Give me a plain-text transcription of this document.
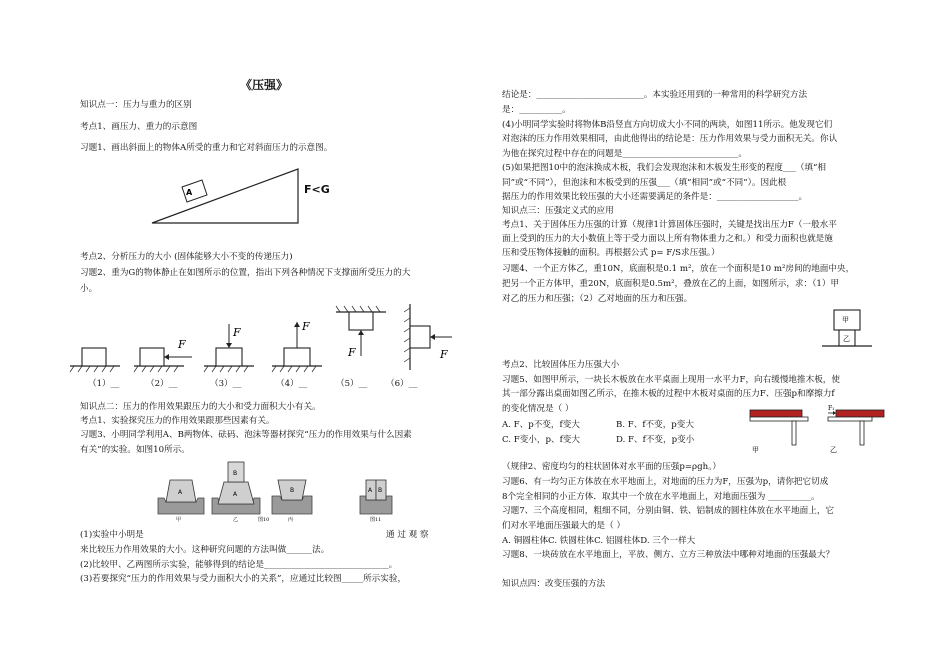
《压强》
知识点一：压力与重力的区别
考点1、画压力、重力的示意图
习题1、画出斜面上的物体A所受的重力和它对斜面压力的示意图。
A	F<G
考点2、分析压力的大小 (固体能够大小不变的传递压力)
习题2、重为G的物体静止在如图所示的位置，指出下列各种情况下支撑面所受压力的大
小。
F
F	F
F	F
（1）__	（2）__	（3）__	（4）__	（5）__ （6）__
知识点二：压力的作用效果跟压力的大小和受力面积大小有关。
考点1、实验探究压力的作用效果跟那些因素有关。
习题3、小明同学利用A、B两物体、砝码、泡沫等器材探究“压力的作用效果与什么因素
有关”的实验。如图10所示。
A
甲
B
A
乙
B
丙
图10
A B
图11
(1)实验中小明是	通 过 观 察
来比较压力作用效果的大小。这种研究问题的方法叫做______法。
(2)比较甲、乙两图所示实验，能够得到的结论是_____________________________。
(3)若要探究“压力的作用效果与受力面积大小的关系”，应通过比较图_____所示实验，
结论是：_________________________。本实验还用到的一种常用的科学研究方法
是：__________。
(4)小明同学实验时将物体B沿竖直方向切成大小不同的两块，如图11所示。他发现它们
对泡沫的压力作用效果相同，由此他得出的结论是：压力作用效果与受力面积无关。你认
为他在探究过程中存在的问题是___________________________。
(5)如果把图10中的泡沫换成木板，我们会发现泡沫和木板发生形变的程度___（填“相
同”或“不同”），但泡沫和木板受到的压强___（填“相同”或“不同”）。因此根
据压力的作用效果比较压强的大小还需要满足的条件是：___________________。
知识点三：压强定义式的应用
考点1、关于固体压力压强的计算（规律1计算固体压强时，关键是找出压力F（一般水平
面上受到的压力的大小数值上等于受力面以上所有物体重力之和。）和受力面积也就是施
压和受压物体接触的面积。再根据公式 p= F/S求压强。）
习题4、一个正方体乙，重10N，底面积是0.1 m²，放在一个面积是10 m²房间的地面中央，
把另一个正方体甲，重20N，底面积是0.5m²，叠放在乙的上面，如图所示，求：（1）甲
对乙的压力和压强；（2）乙对地面的压力和压强。
甲
乙
考点2、比较固体压力压强大小
习题5、如图甲所示，一块长木板放在水平桌面上现用一水平力F，向右缓慢地推木板，使
其一部分露出桌面如图乙所示，在推木板的过程中木板对桌面的压力F、压强p和摩擦力f
的变化情况是（ ）
A. F、p不变，f变大	B. F、f不变，p变大
C. F变小，p、f变大	D. F、f不变，p变小
甲
F₁
乙
（规律2、密度均匀的柱状固体对水平面的压强p=ρgh。）
习题6、有一均匀正方体放在水平地面上，对地面的压力为F，压强为p，请你把它切成
8个完全相同的小正方体．取其中一个放在水平地面上，对地面压强为 __________。
习题7、三个高度相同，粗细不同，分别由铜、铁、铝制成的圆柱体放在水平地面上，它
们对水平地面压强最大的是（ ）
A. 铜圆柱体C. 铁圆柱体C. 铝圆柱体D. 三个一样大
习题8、一块砖放在水平地面上，平放、侧方、立方三种放法中哪种对地面的压强最大？
知识点四：改变压强的方法
